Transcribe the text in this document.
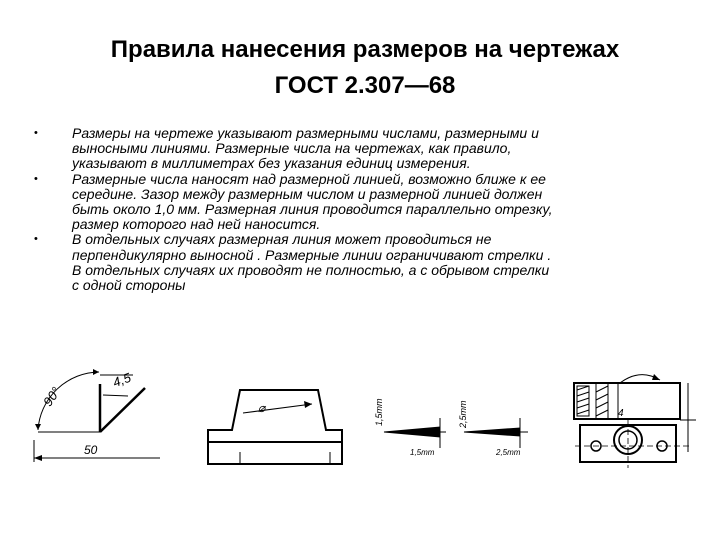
Правила нанесения размеров на чертежах
ГОСТ 2.307—68
• Размеры на чертеже указывают размерными числами, размерными и
выносными линиями. Размерные числа на чертежах, как правило,
указывают в миллиметрах без указания единиц измерения.
• Размерные числа наносят над размерной линией, возможно ближе к ее
середине. Зазор между размерным числом и размерной линией должен
быть около 1,0 мм. Размерная линия проводится параллельно отрезку,
размер которого над ней наносится.
• В отдельных случаях размерная линия может проводиться не
перпендикулярно выносной . Размерные линии ограничивают стрелки .
В отдельных случаях их проводят не полностью, а с обрывом стрелки
с одной стороны
90°
4,5
50
⌀	1,5mm
1,5mm
2,5mm
2,5mm
4
